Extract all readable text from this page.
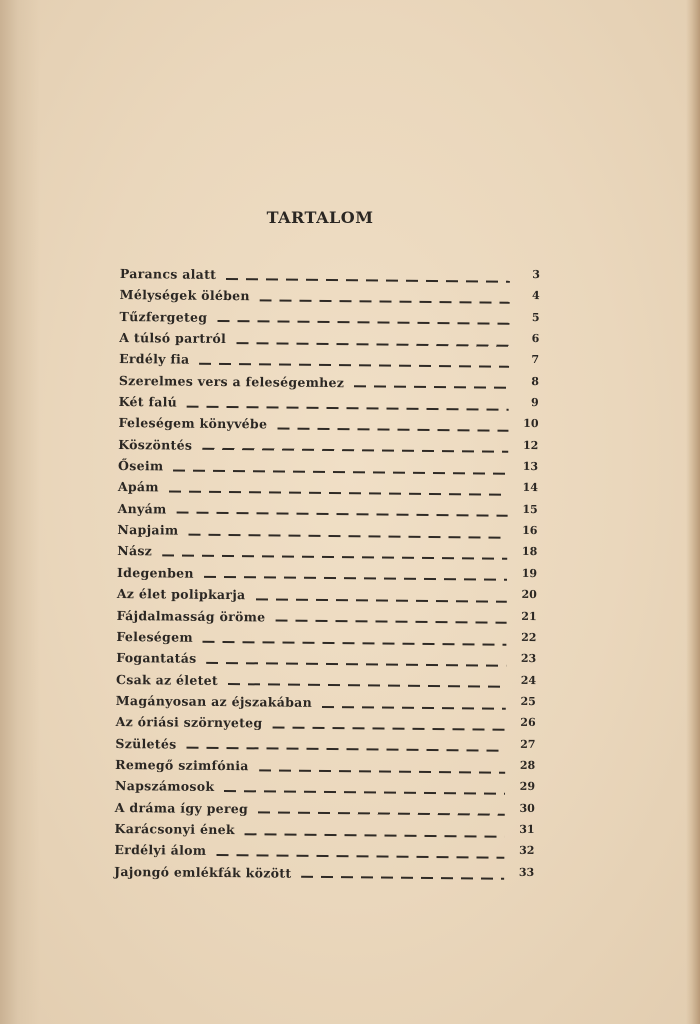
TARTALOM
Parancs alatt	3
Mélységek ölében	4
Tűzfergeteg	5
A túlsó partról	6
Erdély fia	7
Szerelmes vers a feleségemhez	8
Két falú	9
Feleségem könyvébe	10
Köszöntés	12
Őseim	13
Apám	14
Anyám	15
Napjaim	16
Nász	18
Idegenben	19
Az élet polipkarja	20
Fájdalmasság öröme	21
Feleségem	22
Fogantatás	23
Csak az életet	24
Magányosan az éjszakában	25
Az óriási szörnyeteg	26
Születés	27
Remegő szimfónia	28
Napszámosok	29
A dráma így pereg	30
Karácsonyi ének	31
Erdélyi álom	32
Jajongó emlékfák között	33
